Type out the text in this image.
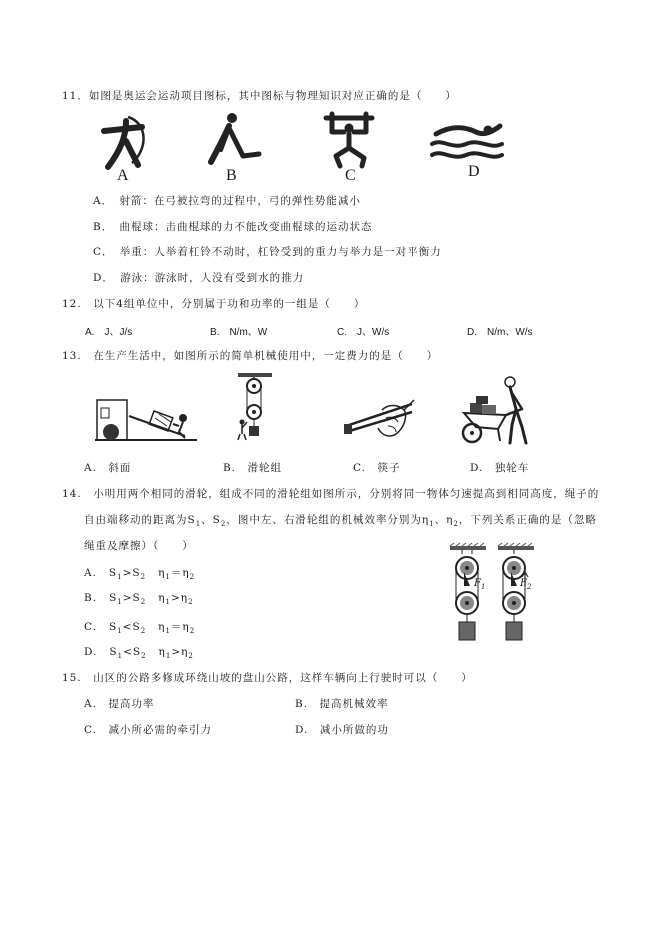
11．如图是奥运会运动项目图标，其中图标与物理知识对应正确的是（　　）
A	B	C	D
A．　射箭：在弓被拉弯的过程中，弓的弹性势能减小
B．　曲棍球：击曲棍球的力不能改变曲棍球的运动状态
C．　举重：人举着杠铃不动时，杠铃受到的重力与举力是一对平衡力
D．　游泳：游泳时，人没有受到水的推力
12.　以下4组单位中，分别属于功和功率的一组是（　　）
A.　J、J/s	B.　N/m、W	C.　J、W/s	D.　N/m、W/s
13.　在生产生活中，如图所示的简单机械使用中，一定费力的是（　　）
A.　斜面	B.　滑轮组	C.　筷子	D.　独轮车
14.　小明用两个相同的滑轮，组成不同的滑轮组如图所示，分别将同一物体匀速提高到相同高度，绳子的
自由端移动的距离为$S_1$、$S_2$，图中左、右滑轮组的机械效率分别为$\eta_1$、$\eta_2$，下列关系正确的是（忽略
绳重及摩擦）（　　）
A. $S_1>S_2$ $\eta_1=\eta_2$
B. $S_1>S_2$ $\eta_1>\eta_2$
C. $S_1<S_2$ $\eta_1=\eta_2$
D. $S_1<S_2$ $\eta_1>\eta_2$
$F_1$	$F_2$
15.　山区的公路多修成环绕山坡的盘山公路，这样车辆向上行驶时可以（　　）
A.　提高功率	B.　提高机械效率
C.　减小所必需的牵引力	D.　减小所做的功
